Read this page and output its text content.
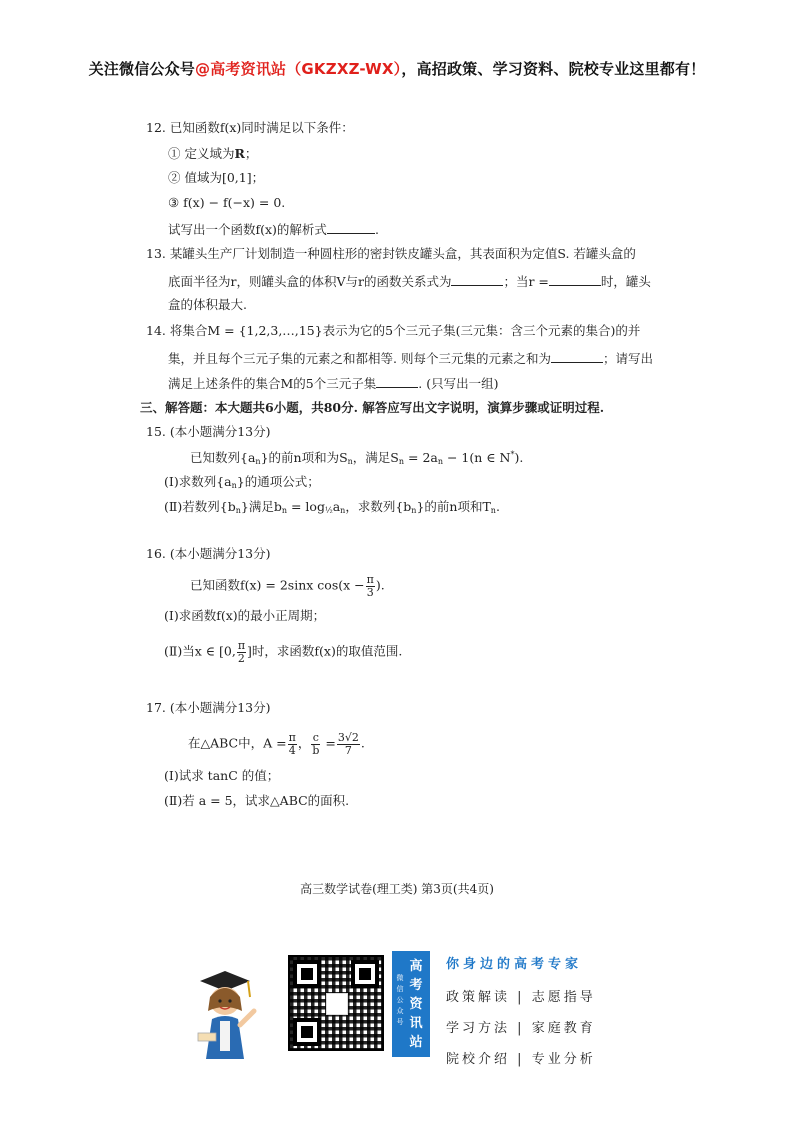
关注微信公众号@高考资讯站（GKZXZ-WX），高招政策、学习资料、院校专业这里都有！
12. 已知函数f(x)同时满足以下条件：
① 定义域为R；
② 值域为[0,1]；
③ f(x) − f(−x) = 0.
试写出一个函数f(x)的解析式	.
13. 某罐头生产厂计划制造一种圆柱形的密封铁皮罐头盒，其表面积为定值S. 若罐头盒的
底面半径为r，则罐头盒的体积V与r的函数关系式为	；当r =	时，罐头
盒的体积最大.
14. 将集合M = {1,2,3,…,15}表示为它的5个三元子集(三元集：含三个元素的集合)的并
集，并且每个三元子集的元素之和都相等. 则每个三元集的元素之和为	；请写出
满足上述条件的集合M的5个三元子集	. (只写出一组)
三、解答题：本大题共6小题，共80分. 解答应写出文字说明，演算步骤或证明过程.
15. (本小题满分13分)
已知数列$\{a_n\}$的前n项和为$S_n$，满足$S_n = 2a_n - 1(n$ ∈ N*).
(Ⅰ)求数列$\{a_n\}$的通项公式；
(Ⅱ)若数列$\{b_n\}$满足$b_n = \log_{\frac{1}{2}}a_n$，求数列$\{b_n\}$的前n项和$T_n$.
16. (本小题满分13分)
已知函数f(x) = 2sinx $\cos(x - \frac{\pi}{3}$ ).
(Ⅰ)求函数f(x)的最小正周期；
(Ⅱ)当x ∈ [0, $\frac{\pi}{2}$ ]时，求函数f(x)的取值范围.
17. (本小题满分13分)
在△ABC中，$A = \frac{\pi}{4}$ ， $\frac{c}{b} = \frac{3√2}{7}$ .
(Ⅰ)试求 tanC 的值；
(Ⅱ)若 a = 5，试求△ABC的面积.
高三数学试卷(理工类) 第3页(共4页)
微
信
公
众
号
高
考
资
讯
站
你身边的高考专家
政策解读 | 志愿指导
学习方法 | 家庭教育
院校介绍 | 专业分析
